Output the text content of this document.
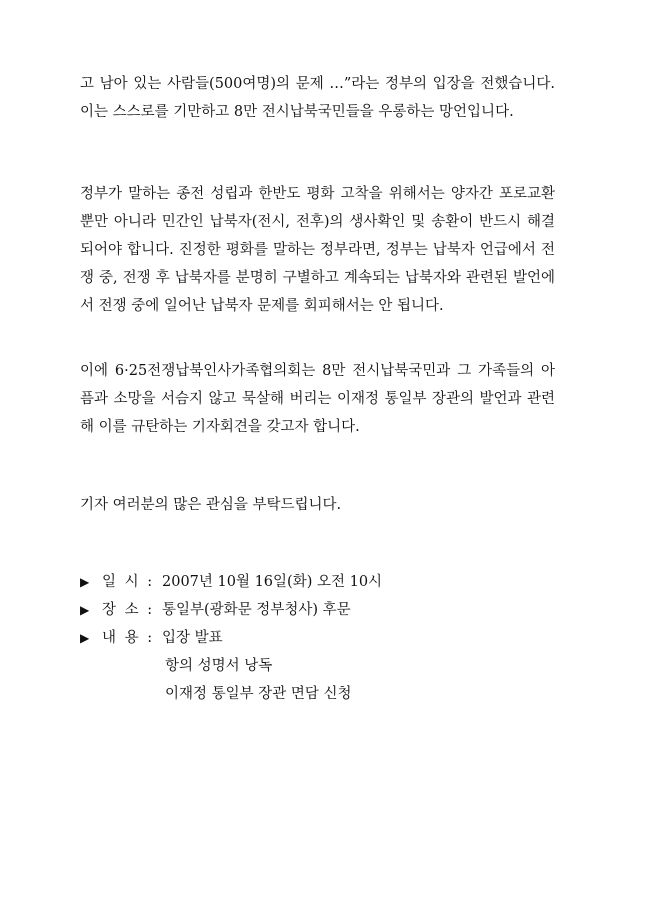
고 남아 있는 사람들(500여명)의 문제 …”라는 정부의 입장을 전했습니다. 이는 스스로를 기만하고 8만 전시납북국민들을 우롱하는 망언입니다.

정부가 말하는 종전 성립과 한반도 평화 고착을 위해서는 양자간 포로교환 뿐만 아니라 민간인 납북자(전시, 전후)의 생사확인 및 송환이 반드시 해결되어야 합니다. 진정한 평화를 말하는 정부라면, 정부는 납북자 언급에서 전쟁 중, 전쟁 후 납북자를 분명히 구별하고 계속되는 납북자와 관련된 발언에서 전쟁 중에 일어난 납북자 문제를 회피해서는 안 됩니다.

이에 6·25전쟁납북인사가족협의회는 8만 전시납북국민과 그 가족들의 아픔과 소망을 서슴지 않고 묵살해 버리는 이재정 통일부 장관의 발언과 관련해 이를 규탄하는 기자회견을 갖고자 합니다.

기자 여러분의 많은 관심을 부탁드립니다.

▶ 일 시 : 2007년 10월 16일(화) 오전 10시
▶ 장 소 : 통일부(광화문 정부청사) 후문
▶ 내 용 : 입장 발표
항의 성명서 낭독
이재정 통일부 장관 면담 신청
